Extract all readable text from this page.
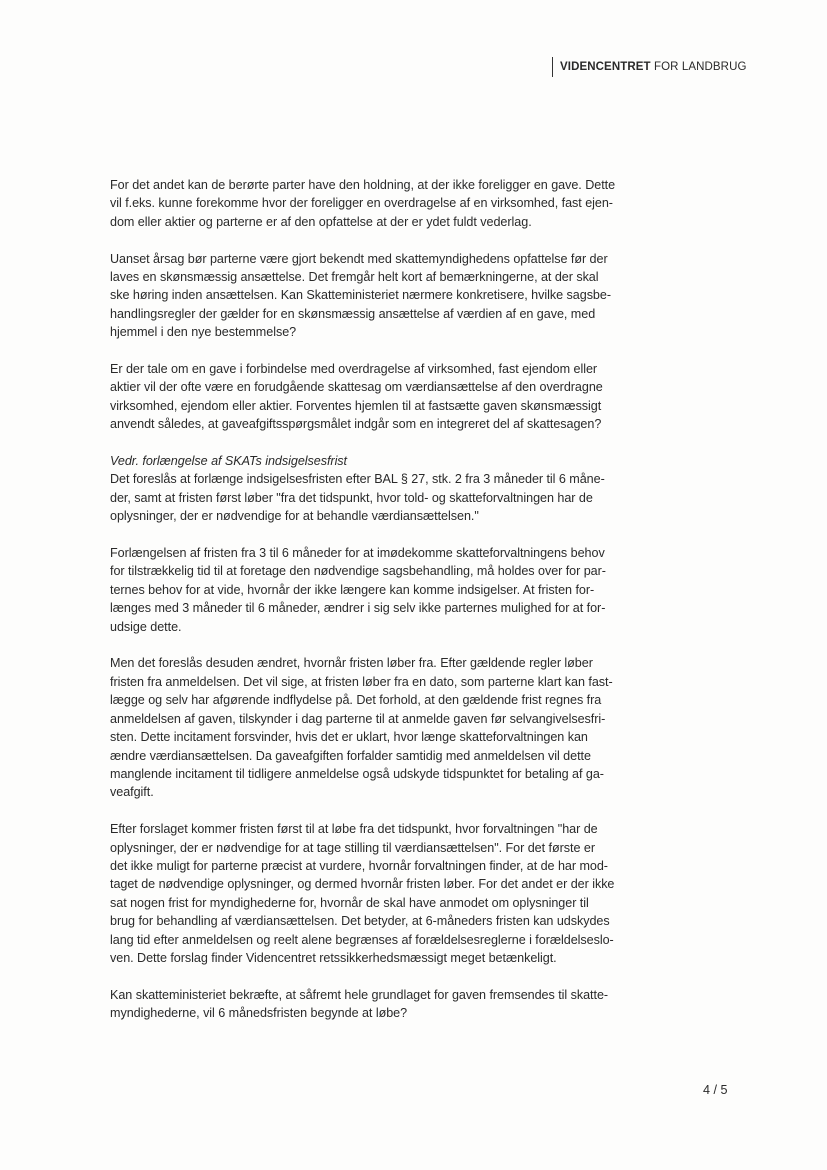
VIDENCENTRET FOR LANDBRUG
For det andet kan de berørte parter have den holdning, at der ikke foreligger en gave. Dette
vil f.eks. kunne forekomme hvor der foreligger en overdragelse af en virksomhed, fast ejen-
dom eller aktier og parterne er af den opfattelse at der er ydet fuldt vederlag.
Uanset årsag bør parterne være gjort bekendt med skattemyndighedens opfattelse før der
laves en skønsmæssig ansættelse. Det fremgår helt kort af bemærkningerne, at der skal
ske høring inden ansættelsen. Kan Skatteministeriet nærmere konkretisere, hvilke sagsbe-
handlingsregler der gælder for en skønsmæssig ansættelse af værdien af en gave, med
hjemmel i den nye bestemmelse?
Er der tale om en gave i forbindelse med overdragelse af virksomhed, fast ejendom eller
aktier vil der ofte være en forudgående skattesag om værdiansættelse af den overdragne
virksomhed, ejendom eller aktier. Forventes hjemlen til at fastsætte gaven skønsmæssigt
anvendt således, at gaveafgiftsspørgsmålet indgår som en integreret del af skattesagen?
Vedr. forlængelse af SKATs indsigelsesfrist
Det foreslås at forlænge indsigelsesfristen efter BAL § 27, stk. 2 fra 3 måneder til 6 måne-
der, samt at fristen først løber "fra det tidspunkt, hvor told- og skatteforvaltningen har de
oplysninger, der er nødvendige for at behandle værdiansættelsen."
Forlængelsen af fristen fra 3 til 6 måneder for at imødekomme skatteforvaltningens behov
for tilstrækkelig tid til at foretage den nødvendige sagsbehandling, må holdes over for par-
ternes behov for at vide, hvornår der ikke længere kan komme indsigelser. At fristen for-
længes med 3 måneder til 6 måneder, ændrer i sig selv ikke parternes mulighed for at for-
udsige dette.
Men det foreslås desuden ændret, hvornår fristen løber fra. Efter gældende regler løber
fristen fra anmeldelsen. Det vil sige, at fristen løber fra en dato, som parterne klart kan fast-
lægge og selv har afgørende indflydelse på. Det forhold, at den gældende frist regnes fra
anmeldelsen af gaven, tilskynder i dag parterne til at anmelde gaven før selvangivelsesfri-
sten. Dette incitament forsvinder, hvis det er uklart, hvor længe skatteforvaltningen kan
ændre værdiansættelsen. Da gaveafgiften forfalder samtidig med anmeldelsen vil dette
manglende incitament til tidligere anmeldelse også udskyde tidspunktet for betaling af ga-
veafgift.
Efter forslaget kommer fristen først til at løbe fra det tidspunkt, hvor forvaltningen "har de
oplysninger, der er nødvendige for at tage stilling til værdiansættelsen". For det første er
det ikke muligt for parterne præcist at vurdere, hvornår forvaltningen finder, at de har mod-
taget de nødvendige oplysninger, og dermed hvornår fristen løber. For det andet er der ikke
sat nogen frist for myndighederne for, hvornår de skal have anmodet om oplysninger til
brug for behandling af værdiansættelsen. Det betyder, at 6-måneders fristen kan udskydes
lang tid efter anmeldelsen og reelt alene begrænses af forældelsesreglerne i forældelseslo-
ven. Dette forslag finder Videncentret retssikkerhedsmæssigt meget betænkeligt.
Kan skatteministeriet bekræfte, at såfremt hele grundlaget for gaven fremsendes til skatte-
myndighederne, vil 6 månedsfristen begynde at løbe?
4 / 5
